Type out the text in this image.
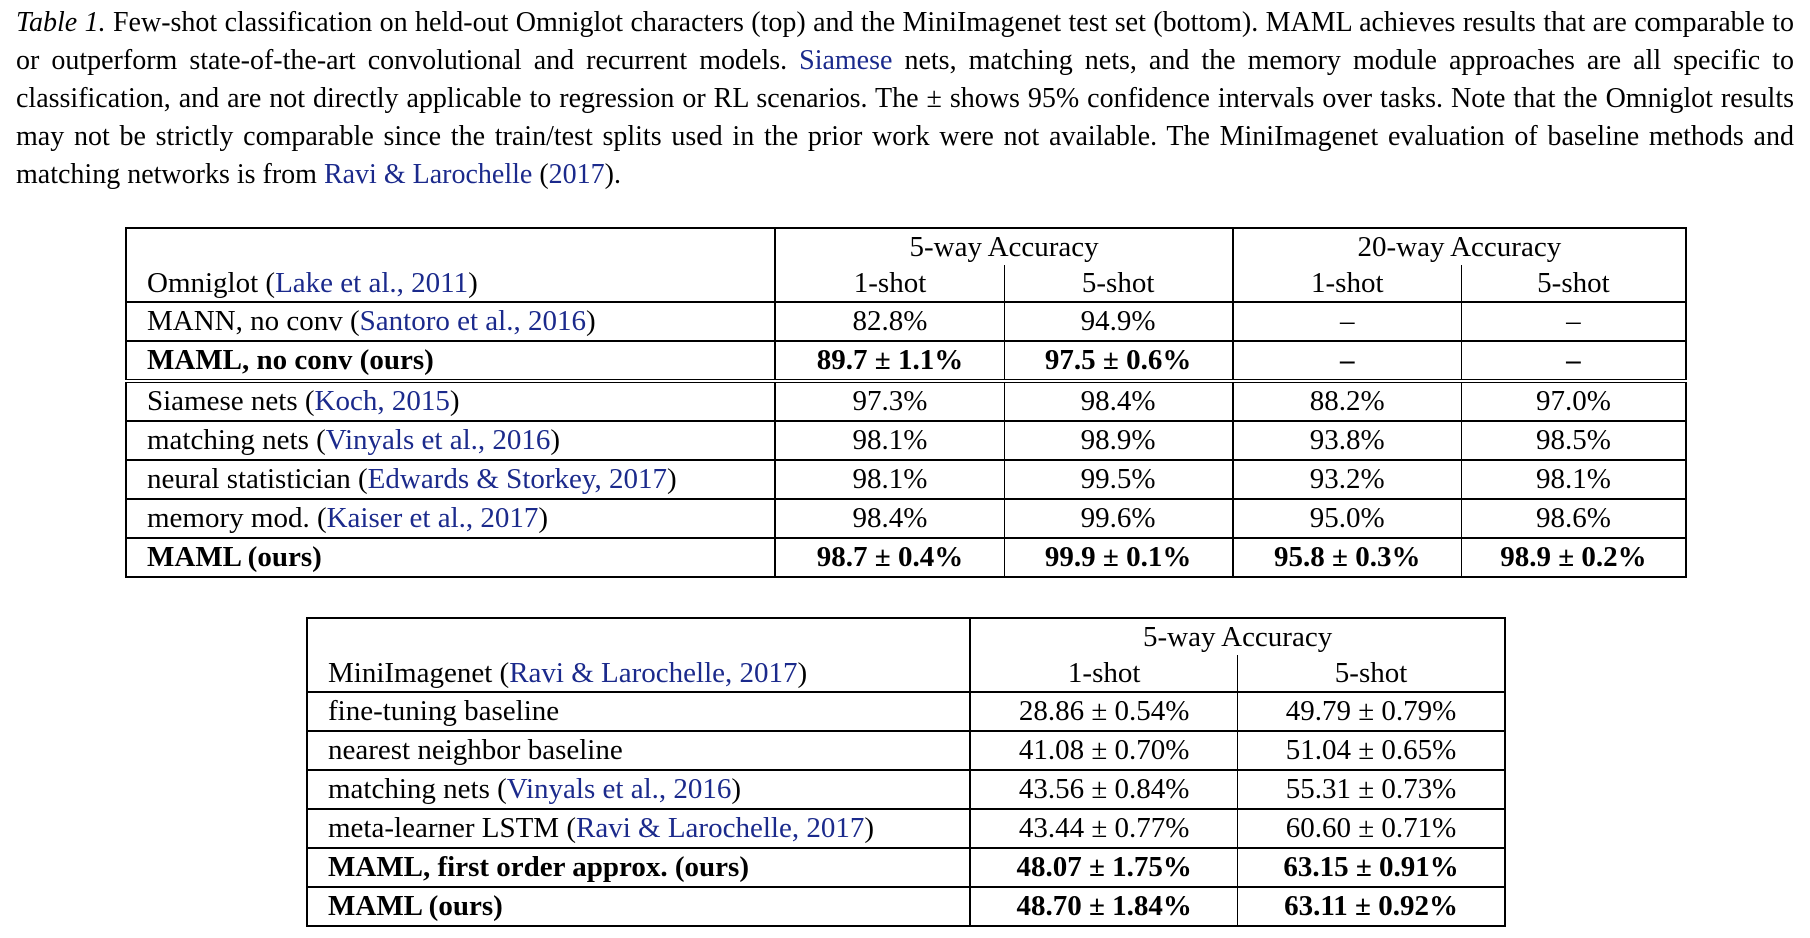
Table 1. Few-shot classification on held-out Omniglot characters (top) and the MiniImagenet test set (bottom). MAML achieves results that are comparable to or outperform state-of-the-art convolutional and recurrent models. Siamese nets, matching nets, and the memory module approaches are all specific to classification, and are not directly applicable to regression or RL scenarios. The ± shows 95% confidence intervals over tasks. Note that the Omniglot results may not be strictly comparable since the train/test splits used in the prior work were not available. The MiniImagenet evaluation of baseline methods and matching networks is from Ravi & Larochelle (2017).

	5-way Accuracy		20-way Accuracy	
Omniglot (Lake et al., 2011)	1-shot	5-shot	1-shot	5-shot
MANN, no conv (Santoro et al., 2016)	82.8%	94.9%	–	–
MAML, no conv (ours)	89.7 ± 1.1%	97.5 ± 0.6%	–	–
Siamese nets (Koch, 2015)	97.3%	98.4%	88.2%	97.0%
matching nets (Vinyals et al., 2016)	98.1%	98.9%	93.8%	98.5%
neural statistician (Edwards & Storkey, 2017)	98.1%	99.5%	93.2%	98.1%
memory mod. (Kaiser et al., 2017)	98.4%	99.6%	95.0%	98.6%
MAML (ours)	98.7 ± 0.4%	99.9 ± 0.1%	95.8 ± 0.3%	98.9 ± 0.2%
	5-way Accuracy	
MiniImagenet (Ravi & Larochelle, 2017)	1-shot	5-shot
fine-tuning baseline	28.86 ± 0.54%	49.79 ± 0.79%
nearest neighbor baseline	41.08 ± 0.70%	51.04 ± 0.65%
matching nets (Vinyals et al., 2016)	43.56 ± 0.84%	55.31 ± 0.73%
meta-learner LSTM (Ravi & Larochelle, 2017)	43.44 ± 0.77%	60.60 ± 0.71%
MAML, first order approx. (ours)	48.07 ± 1.75%	63.15 ± 0.91%
MAML (ours)	48.70 ± 1.84%	63.11 ± 0.92%
